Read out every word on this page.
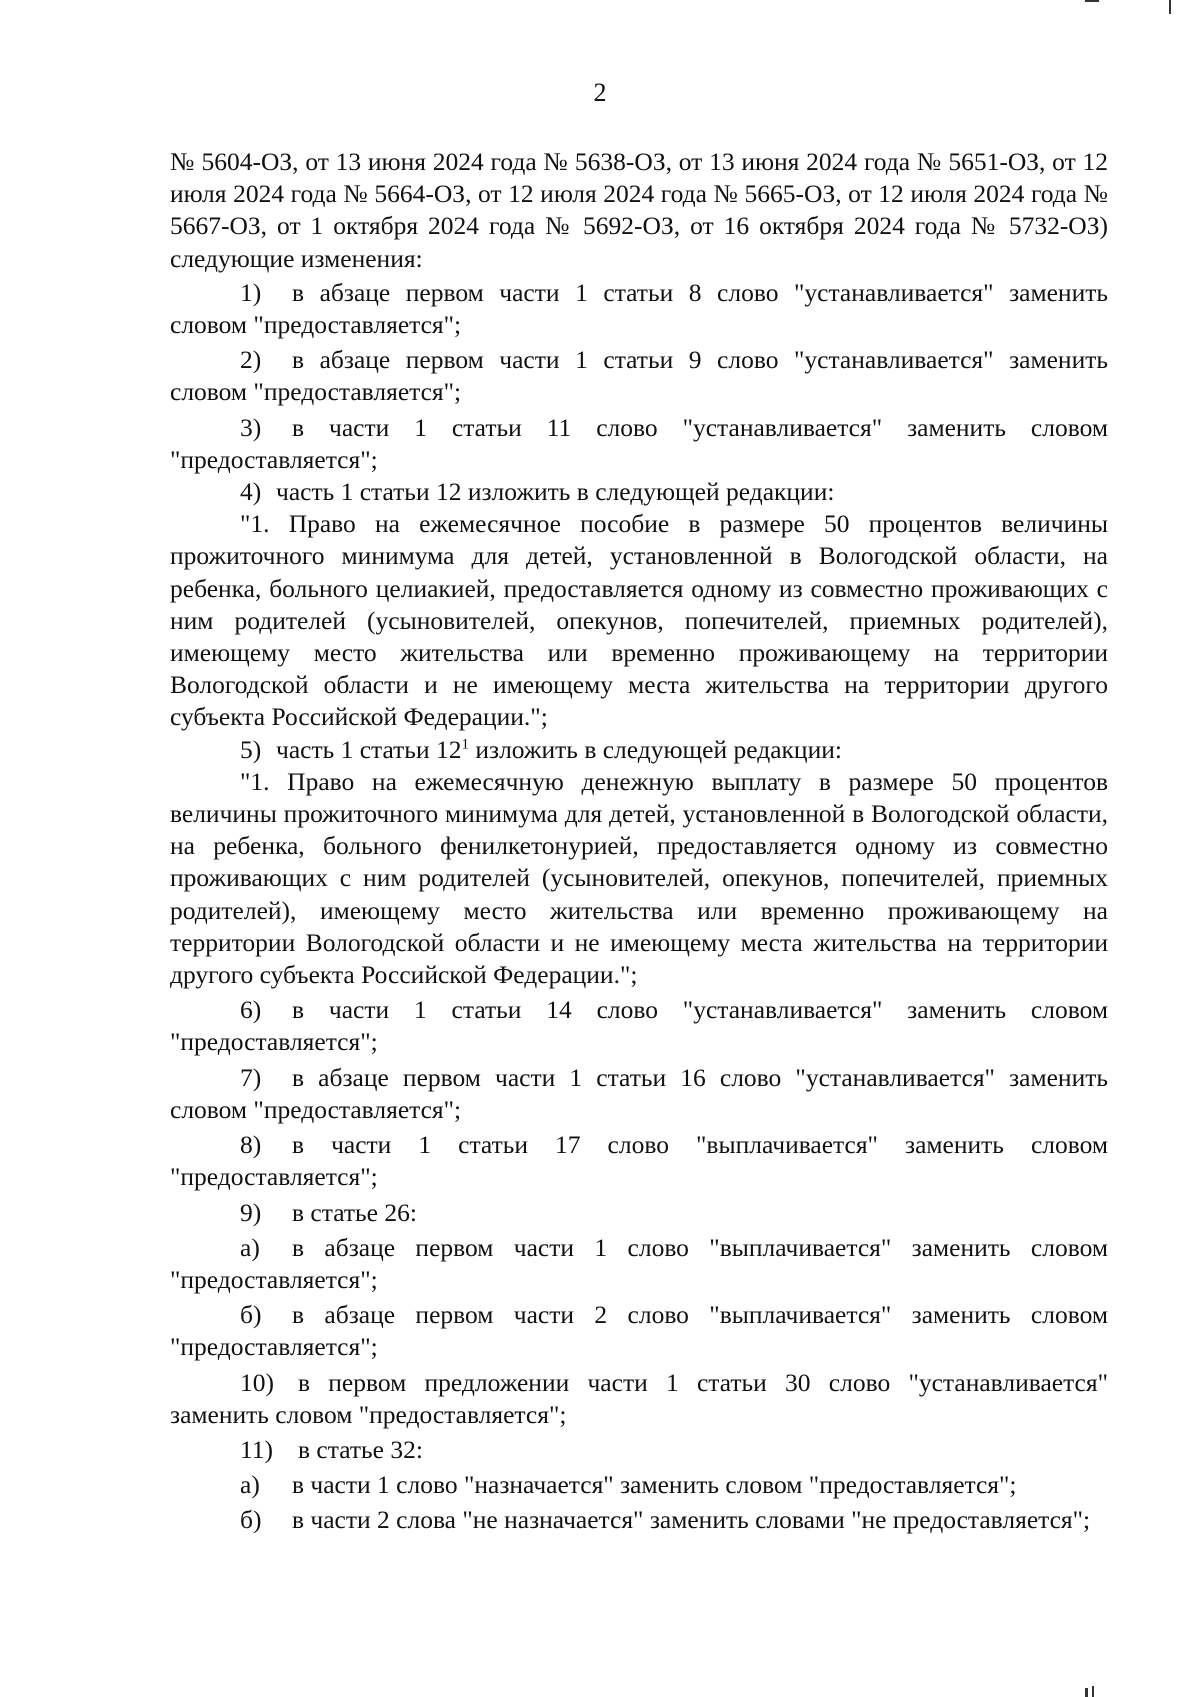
2

№ 5604-ОЗ, от 13 июня 2024 года № 5638-ОЗ, от 13 июня 2024 года № 5651-ОЗ, от 12 июля 2024 года № 5664-ОЗ, от 12 июля 2024 года № 5665-ОЗ, от 12 июля 2024 года № 5667-ОЗ, от 1 октября 2024 года № 5692-ОЗ, от 16 октября 2024 года № 5732-ОЗ) следующие изменения:

1) в абзаце первом части 1 статьи 8 слово "устанавливается" заменить словом "предоставляется";

2) в абзаце первом части 1 статьи 9 слово "устанавливается" заменить словом "предоставляется";

3) в части 1 статьи 11 слово "устанавливается" заменить словом "предоставляется";

4) часть 1 статьи 12 изложить в следующей редакции:

"1. Право на ежемесячное пособие в размере 50 процентов величины прожиточного минимума для детей, установленной в Вологодской области, на ребенка, больного целиакией, предоставляется одному из совместно проживающих с ним родителей (усыновителей, опекунов, попечителей, приемных родителей), имеющему место жительства или временно проживающему на территории Вологодской области и не имеющему места жительства на территории другого субъекта Российской Федерации.";

5) часть 1 статьи $12^1$ изложить в следующей редакции:

"1. Право на ежемесячную денежную выплату в размере 50 процентов величины прожиточного минимума для детей, установленной в Вологодской области, на ребенка, больного фенилкетонурией, предоставляется одному из совместно проживающих с ним родителей (усыновителей, опекунов, попечителей, приемных родителей), имеющему место жительства или временно проживающему на территории Вологодской области и не имеющему места жительства на территории другого субъекта Российской Федерации.";

6) в части 1 статьи 14 слово "устанавливается" заменить словом "предоставляется";

7) в абзаце первом части 1 статьи 16 слово "устанавливается" заменить словом "предоставляется";

8) в части 1 статьи 17 слово "выплачивается" заменить словом "предоставляется";

9) в статье 26:

а) в абзаце первом части 1 слово "выплачивается" заменить словом "предоставляется";

б) в абзаце первом части 2 слово "выплачивается" заменить словом "предоставляется";

10) в первом предложении части 1 статьи 30 слово "устанавливается" заменить словом "предоставляется";

11) в статье 32:

а) в части 1 слово "назначается" заменить словом "предоставляется";

б) в части 2 слова "не назначается" заменить словами "не предоставляется";
